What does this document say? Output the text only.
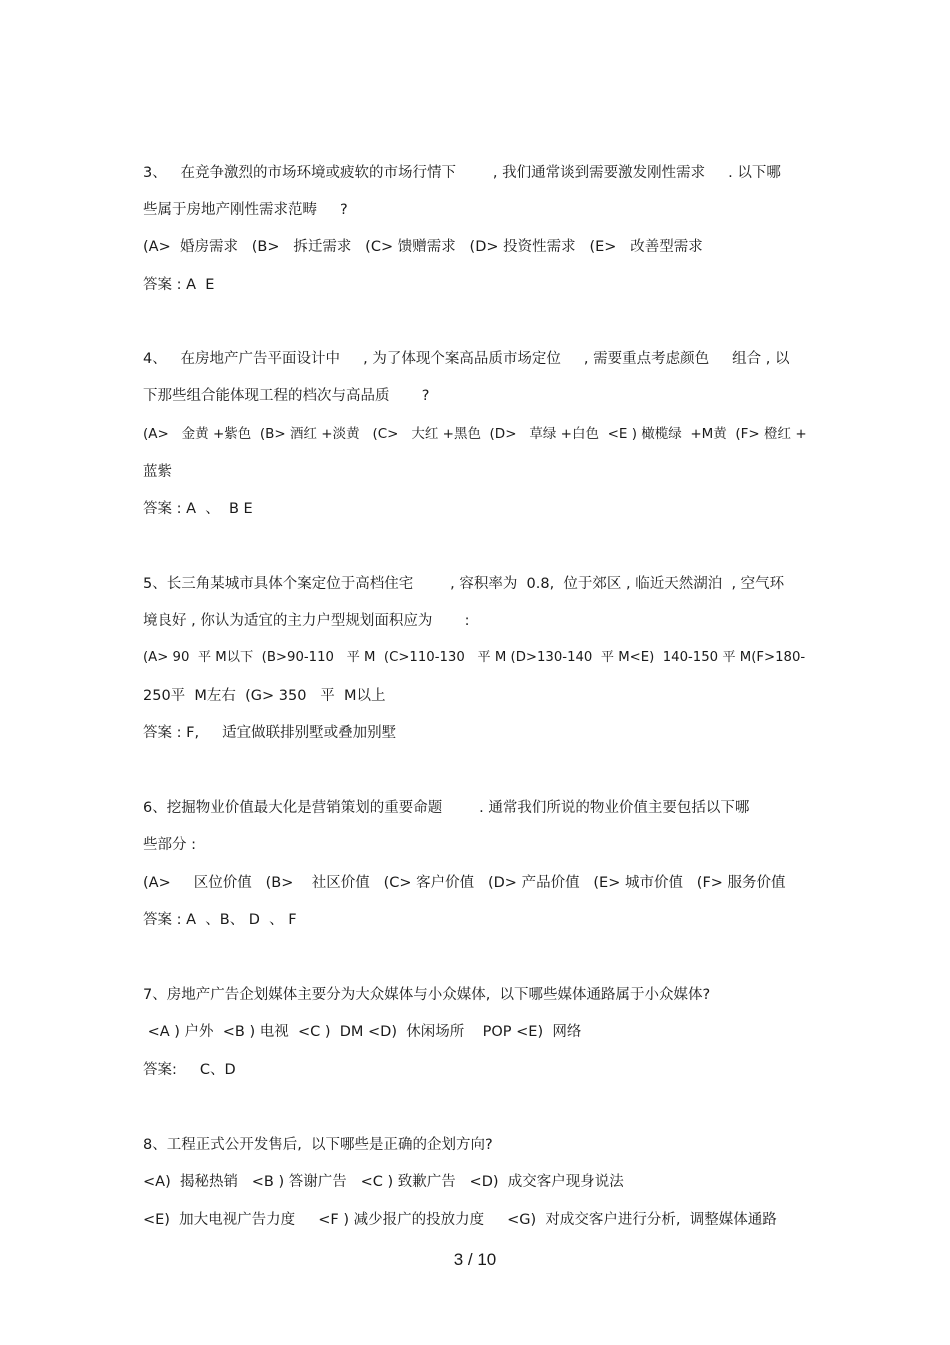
3、   在竞争激烈的市场环境或疲软的市场行情下        , 我们通常谈到需要激发刚性需求     . 以下哪
些属于房地产刚性需求范畴     ?
(A>  婚房需求   (B>   拆迁需求   (C> 馈赠需求   (D> 投资性需求   (E>   改善型需求
答案 : A  E
4、   在房地产广告平面设计中     , 为了体现个案高品质市场定位     , 需要重点考虑颜色     组合 , 以
下那些组合能体现工程的档次与高品质       ?
(A>   金黄 +紫色  (B> 酒红 +淡黄   (C>   大红 +黑色  (D>   草绿 +白色  <E ) 橄榄绿  +M黄  (F> 橙红 +
蓝紫
答案 : A  、  B E
5、长三角某城市具体个案定位于高档住宅        , 容积率为  0.8,  位于郊区 , 临近天然湖泊  , 空气环
境良好 , 你认为适宜的主力户型规划面积应为       :
(A> 90  平 M以下  (B>90-110   平 M  (C>110-130   平 M (D>130-140  平 M<E)  140-150 平 M(F>180-
250平  M左右  (G> 350   平  M以上
答案 : F,     适宜做联排别墅或叠加别墅
6、挖掘物业价值最大化是营销策划的重要命题        . 通常我们所说的物业价值主要包括以下哪
些部分 :
(A>     区位价值   (B>    社区价值   (C> 客户价值   (D> 产品价值   (E> 城市价值   (F> 服务价值
答案 : A  、B、 D  、 F
7、房地产广告企划媒体主要分为大众媒体与小众媒体,  以下哪些媒体通路属于小众媒体?
<A ) 户外  <B ) 电视  <C )  DM <D)  休闲场所    POP <E)  网络
答案:     C、D
8、工程正式公开发售后,  以下哪些是正确的企划方向?
<A)  揭秘热销   <B ) 答谢广告   <C ) 致歉广告   <D)  成交客户现身说法
<E)  加大电视广告力度     <F ) 减少报广的投放力度     <G)  对成交客户进行分析,  调整媒体通路
3 / 10
